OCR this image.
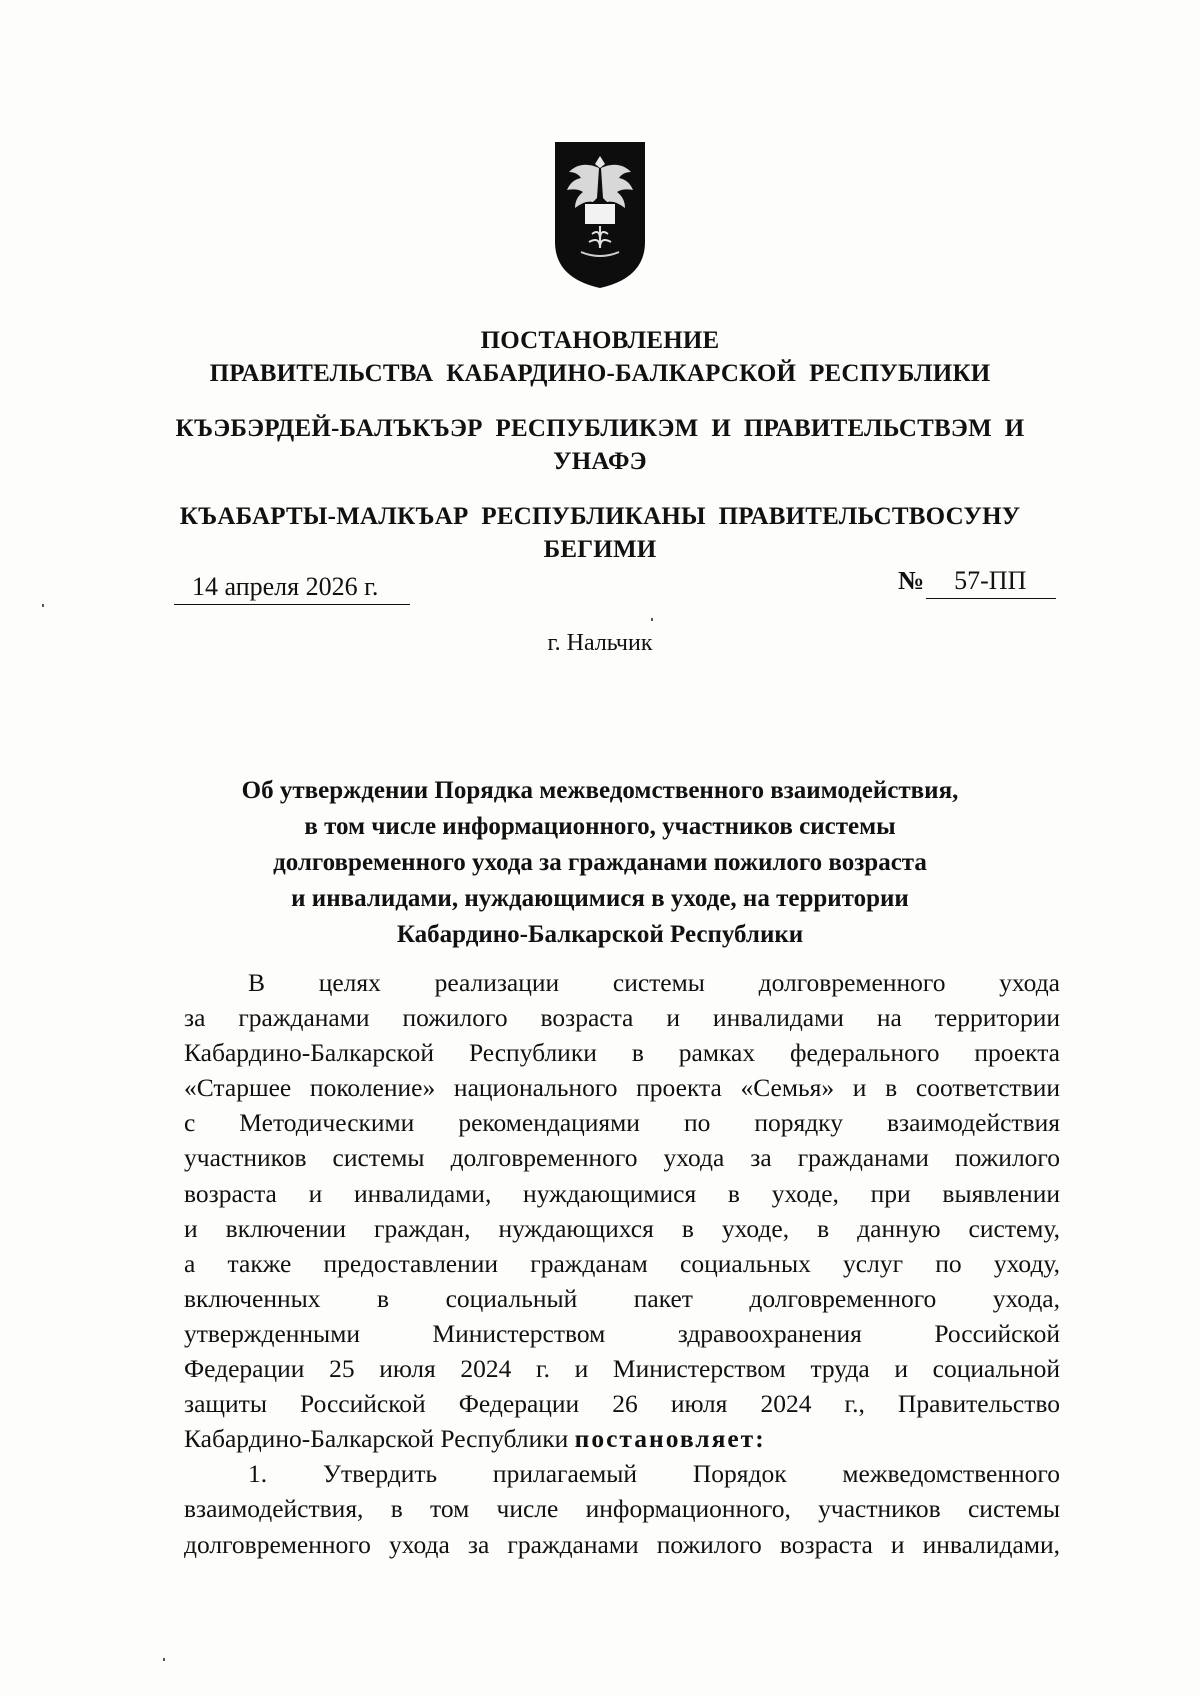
ПОСТАНОВЛЕНИЕ
ПРАВИТЕЛЬСТВА  КАБАРДИНО-БАЛКАРСКОЙ  РЕСПУБЛИКИ
КЪЭБЭРДЕЙ-БАЛЪКЪЭР  РЕСПУБЛИКЭМ  И  ПРАВИТЕЛЬСТВЭМ  И
УНАФЭ
КЪАБАРТЫ-МАЛКЪАР  РЕСПУБЛИКАНЫ  ПРАВИТЕЛЬСТВОСУНУ
БЕГИМИ
14 апреля 2026 г.	№ 57-ПП
г. Нальчик
Об утверждении Порядка межведомственного взаимодействия,
в том числе информационного, участников системы
долговременного ухода за гражданами пожилого возраста
и инвалидами, нуждающимися в уходе, на территории
Кабардино-Балкарской Республики
В целях реализации системы долговременного ухода
за гражданами пожилого возраста и инвалидами на территории
Кабардино-Балкарской Республики в рамках федерального проекта
«Старшее поколение» национального проекта «Семья» и в соответствии
с Методическими рекомендациями по порядку взаимодействия
участников системы долговременного ухода за гражданами пожилого
возраста и инвалидами, нуждающимися в уходе, при выявлении
и включении граждан, нуждающихся в уходе, в данную систему,
а также предоставлении гражданам социальных услуг по уходу,
включенных в социальный пакет долговременного ухода,
утвержденными Министерством здравоохранения Российской
Федерации 25 июля 2024 г. и Министерством труда и социальной
защиты Российской Федерации 26 июля 2024 г., Правительство
Кабардино-Балкарской Республики постановляет:
1. Утвердить прилагаемый Порядок межведомственного
взаимодействия, в том числе информационного, участников системы
долговременного ухода за гражданами пожилого возраста и инвалидами,
